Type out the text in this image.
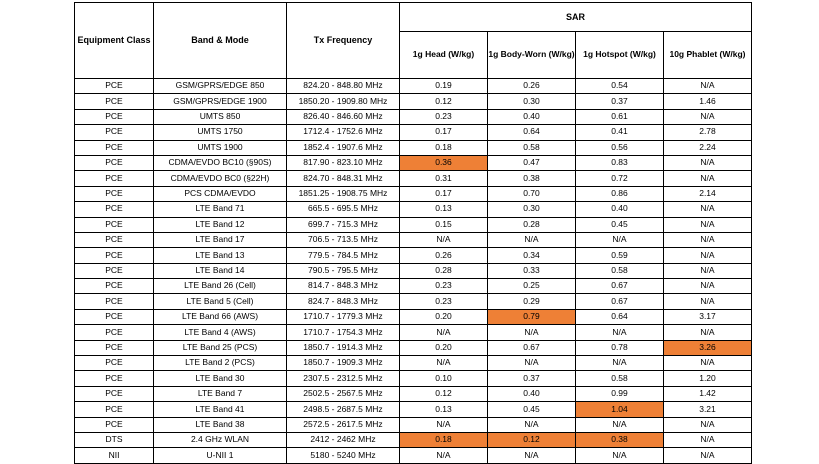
Equipment Class	Band & Mode	Tx Frequency	SAR			
			1g Head (W/kg)	1g Body-Worn (W/kg)	1g Hotspot (W/kg)	10g Phablet (W/kg)
PCE	GSM/GPRS/EDGE 850	824.20 - 848.80 MHz	0.19	0.26	0.54	N/A
PCE	GSM/GPRS/EDGE 1900	1850.20 - 1909.80 MHz	0.12	0.30	0.37	1.46
PCE	UMTS 850	826.40 - 846.60 MHz	0.23	0.40	0.61	N/A
PCE	UMTS 1750	1712.4 - 1752.6 MHz	0.17	0.64	0.41	2.78
PCE	UMTS 1900	1852.4 - 1907.6 MHz	0.18	0.58	0.56	2.24
PCE	CDMA/EVDO BC10 (§90S)	817.90 - 823.10 MHz	0.36	0.47	0.83	N/A
PCE	CDMA/EVDO BC0 (§22H)	824.70 - 848.31 MHz	0.31	0.38	0.72	N/A
PCE	PCS CDMA/EVDO	1851.25 - 1908.75 MHz	0.17	0.70	0.86	2.14
PCE	LTE Band 71	665.5 - 695.5 MHz	0.13	0.30	0.40	N/A
PCE	LTE Band 12	699.7 - 715.3 MHz	0.15	0.28	0.45	N/A
PCE	LTE Band 17	706.5 - 713.5 MHz	N/A	N/A	N/A	N/A
PCE	LTE Band 13	779.5 - 784.5 MHz	0.26	0.34	0.59	N/A
PCE	LTE Band 14	790.5 - 795.5 MHz	0.28	0.33	0.58	N/A
PCE	LTE Band 26 (Cell)	814.7 - 848.3 MHz	0.23	0.25	0.67	N/A
PCE	LTE Band 5 (Cell)	824.7 - 848.3 MHz	0.23	0.29	0.67	N/A
PCE	LTE Band 66 (AWS)	1710.7 - 1779.3 MHz	0.20	0.79	0.64	3.17
PCE	LTE Band 4 (AWS)	1710.7 - 1754.3 MHz	N/A	N/A	N/A	N/A
PCE	LTE Band 25 (PCS)	1850.7 - 1914.3 MHz	0.20	0.67	0.78	3.26
PCE	LTE Band 2 (PCS)	1850.7 - 1909.3 MHz	N/A	N/A	N/A	N/A
PCE	LTE Band 30	2307.5 - 2312.5 MHz	0.10	0.37	0.58	1.20
PCE	LTE Band 7	2502.5 - 2567.5 MHz	0.12	0.40	0.99	1.42
PCE	LTE Band 41	2498.5 - 2687.5 MHz	0.13	0.45	1.04	3.21
PCE	LTE Band 38	2572.5 - 2617.5 MHz	N/A	N/A	N/A	N/A
DTS	2.4 GHz WLAN	2412 - 2462 MHz	0.18	0.12	0.38	N/A
NII	U-NII 1	5180 - 5240 MHz	N/A	N/A	N/A	N/A
